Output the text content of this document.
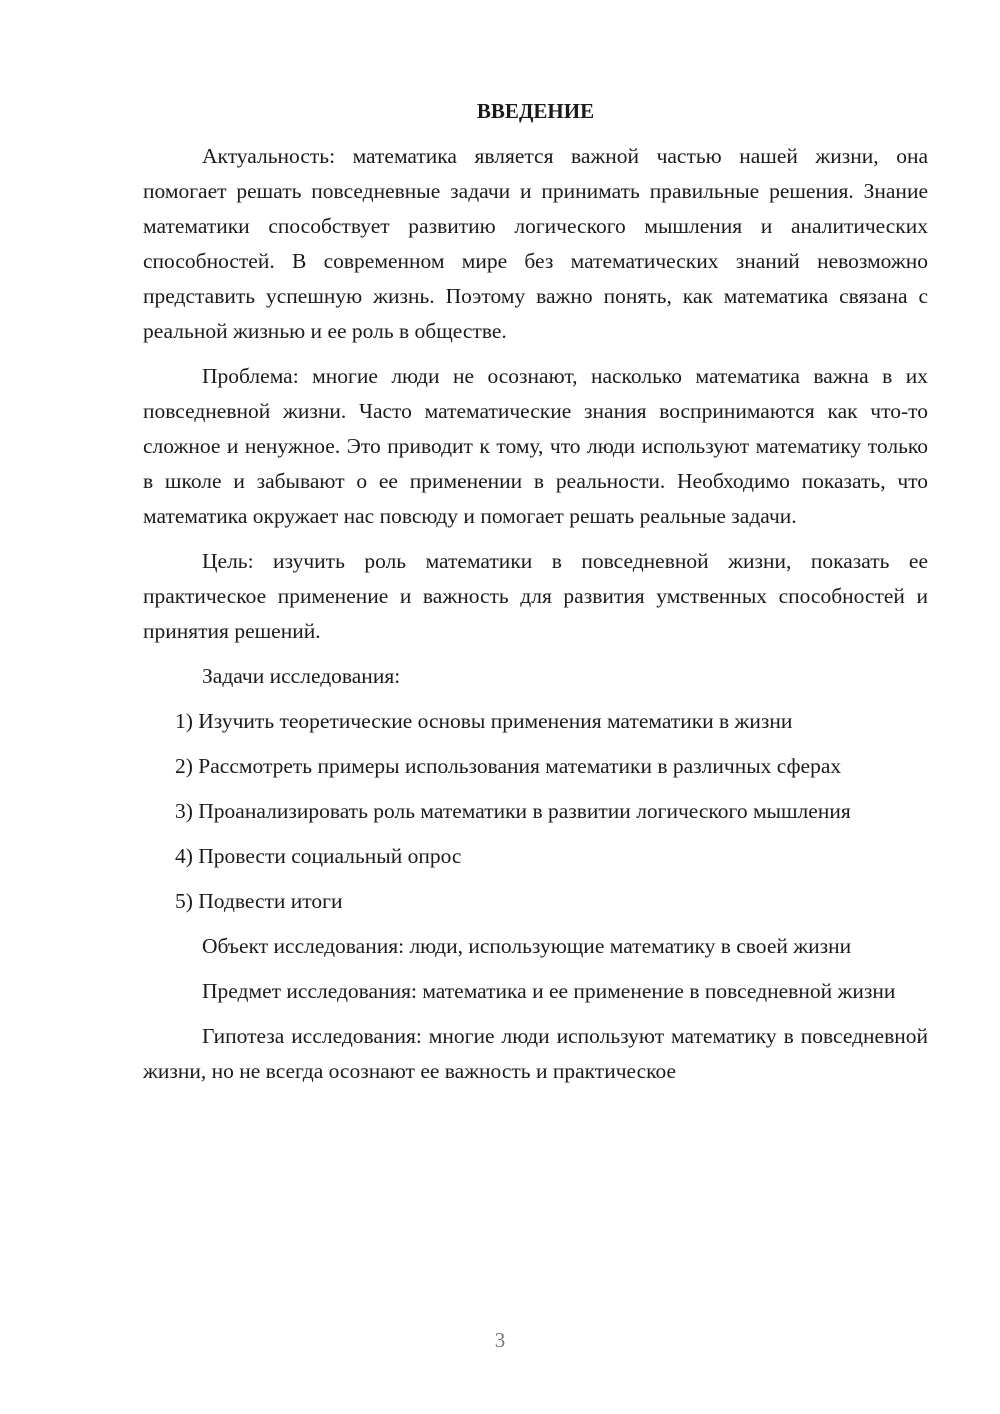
ВВЕДЕНИЕ

Актуальность: математика является важной частью нашей жизни, она помогает решать повседневные задачи и принимать правильные решения. Знание математики способствует развитию логического мышления и аналитических способностей. В современном мире без математических знаний невозможно представить успешную жизнь. Поэтому важно понять, как математика связана с реальной жизнью и ее роль в обществе.

Проблема: многие люди не осознают, насколько математика важна в их повседневной жизни. Часто математические знания воспринимаются как что-то сложное и ненужное. Это приводит к тому, что люди используют математику только в школе и забывают о ее применении в реальности. Необходимо показать, что математика окружает нас повсюду и помогает решать реальные задачи.

Цель: изучить роль математики в повседневной жизни, показать ее практическое применение и важность для развития умственных способностей и принятия решений.

Задачи исследования:

1) Изучить теоретические основы применения математики в жизни

2) Рассмотреть примеры использования математики в различных сферах

3) Проанализировать роль математики в развитии логического мышления

4) Провести социальный опрос

5) Подвести итоги

Объект исследования: люди, использующие математику в своей жизни

Предмет исследования: математика и ее применение в повседневной жизни

Гипотеза исследования: многие люди используют математику в повседневной жизни, но не всегда осознают ее важность и практическое

3
